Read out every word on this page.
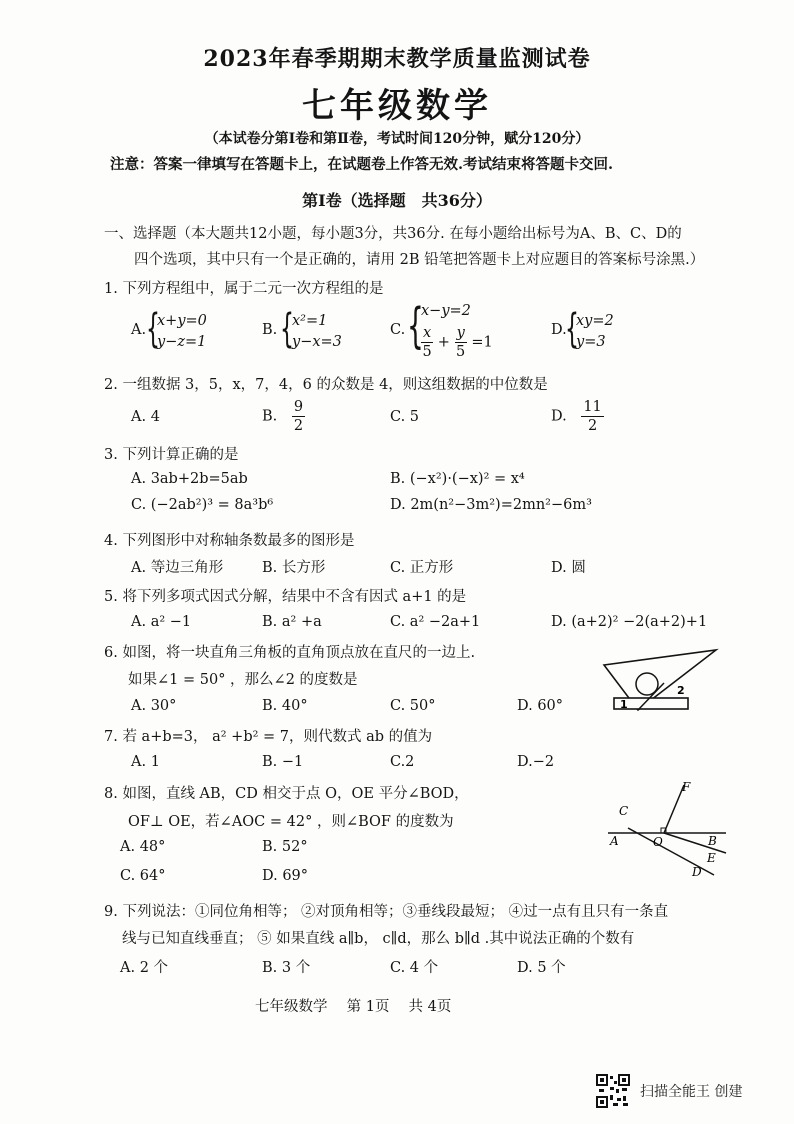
2023年春季期期末教学质量监测试卷
七年级数学
（本试卷分第Ⅰ卷和第Ⅱ卷，考试时间120分钟，赋分120分）
注意：答案一律填写在答题卡上，在试题卷上作答无效.考试结束将答题卡交回.
第Ⅰ卷（选择题　共36分）
一、选择题（本大题共12小题，每小题3分，共36分. 在每小题给出标号为A、B、C、D的
四个选项，其中只有一个是正确的，请用 2B 铅笔把答题卡上对应题目的答案标号涂黑.）
1. 下列方程组中，属于二元一次方程组的是
A. {
x+y=0
y−z=1
B. {
x²=1
y−x=3
C. {
x−y=2
$\frac{x}{5} + \frac{y}{5} =1$
D.
{
xy=2
y=3
2. 一组数据 3，5，x，7，4，6 的众数是 4，则这组数据的中位数是
A. 4	B. $\frac{9}{2}$	C. 5	D. $\frac{11}{2}$
3. 下列计算正确的是
A. 3ab+2b=5ab	B. (−x²)·(−x)² = x⁴
C. (−2ab²)³ = 8a³b⁶	D. 2m(n²−3m²)=2mn²−6m³
4. 下列图形中对称轴条数最多的图形是
A. 等边三角形	B. 长方形	C. 正方形	D. 圆
5. 将下列多项式因式分解，结果中不含有因式 a+1 的是
A. a² −1	B. a² +a	C. a² −2a+1	D. (a+2)² −2(a+2)+1
6. 如图，将一块直角三角板的直角顶点放在直尺的一边上.
如果∠1 = 50° ，那么∠2 的度数是
A. 30°	B. 40°	C. 50°	D. 60°	1
2
7. 若 a+b=3， a² +b² = 7，则代数式 ab 的值为
A. 1	B. −1	C.2	D.−2
8. 如图，直线 AB，CD 相交于点 O，OE 平分∠BOD，
OF⊥ OE，若∠AOC = 42° ，则∠BOF 的度数为
A. 48°	B. 52°
C. 64°	D. 69°
A	B
C
D
E
F
O
9. 下列说法：①同位角相等； ②对顶角相等；③垂线段最短； ④过一点有且只有一条直
线与已知直线垂直； ⑤ 如果直线 a∥b， c∥d，那么 b∥d .其中说法正确的个数有
A. 2 个	B. 3 个	C. 4 个	D. 5 个
七年级数学　 第 1页　 共 4页
扫描全能王 创建
